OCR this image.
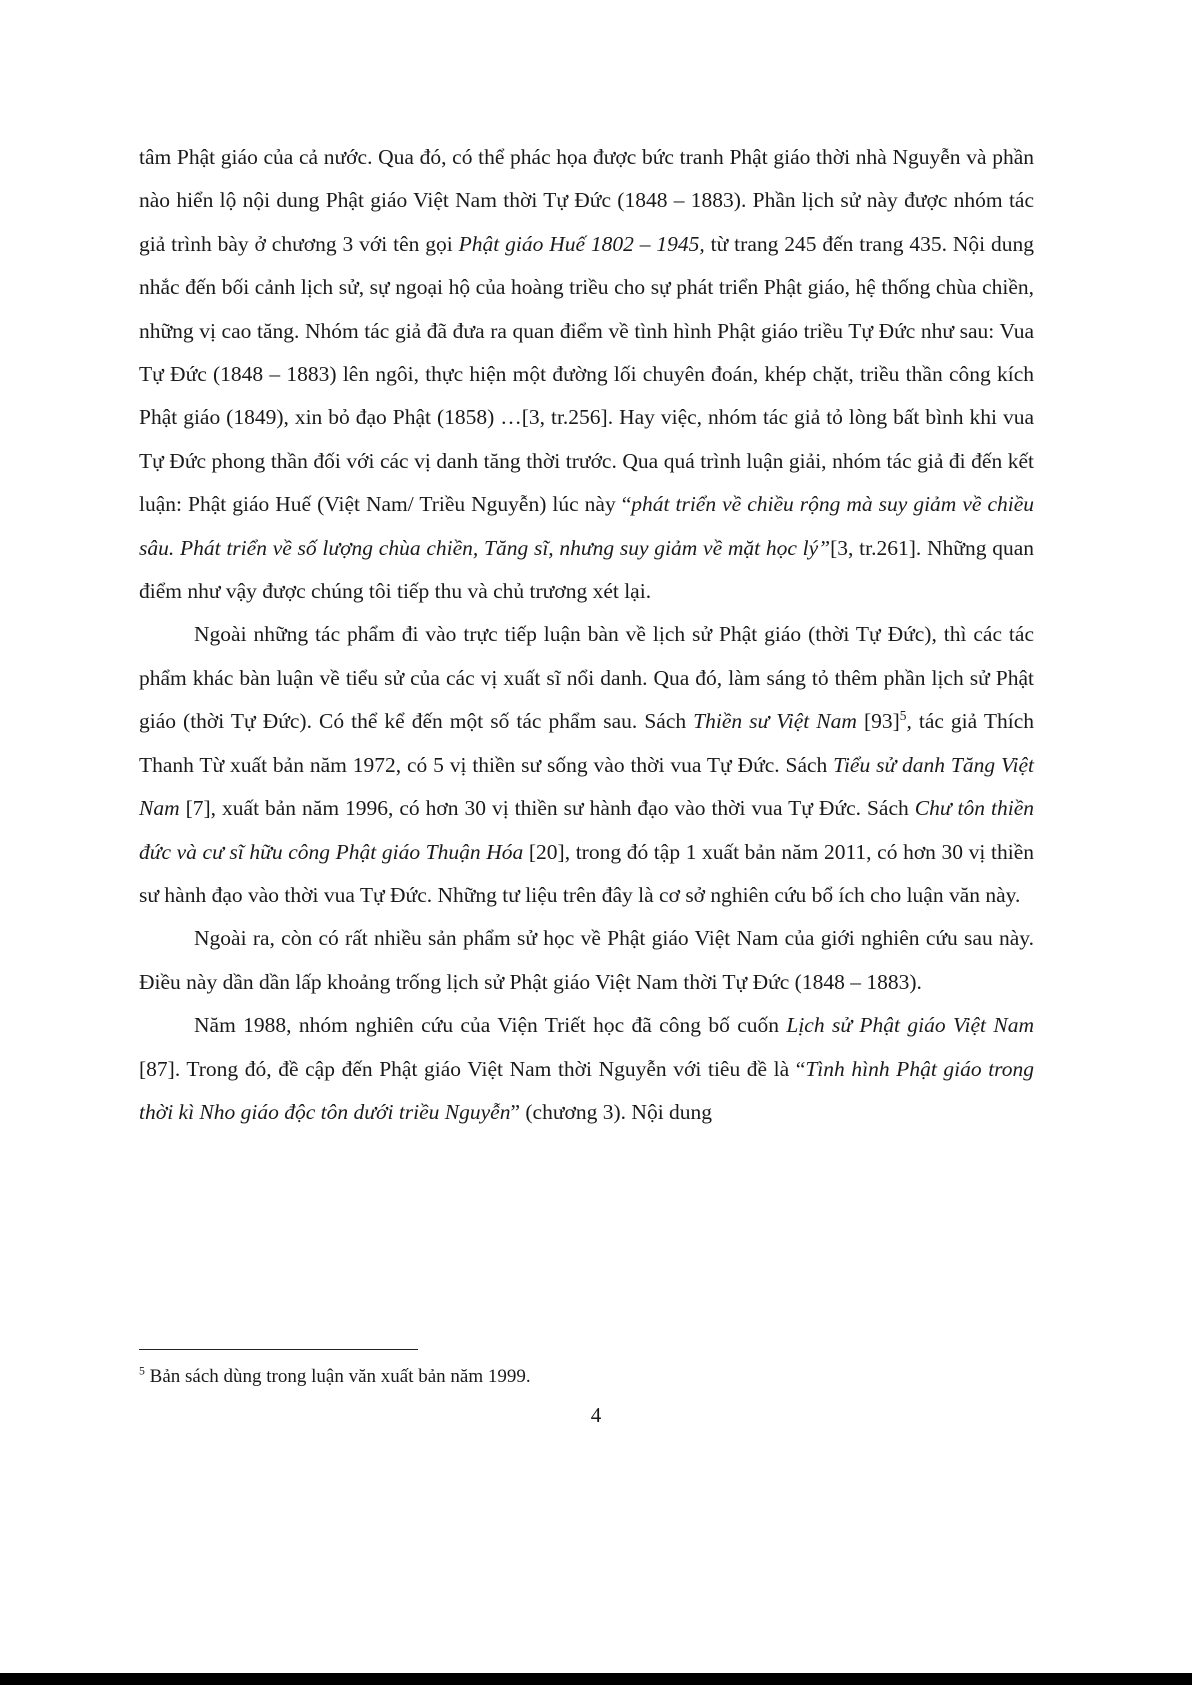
tâm Phật giáo của cả nước. Qua đó, có thể phác họa được bức tranh Phật giáo thời nhà Nguyễn và phần nào hiển lộ nội dung Phật giáo Việt Nam thời Tự Đức (1848 – 1883). Phần lịch sử này được nhóm tác giả trình bày ở chương 3 với tên gọi Phật giáo Huế 1802 – 1945, từ trang 245 đến trang 435. Nội dung nhắc đến bối cảnh lịch sử, sự ngoại hộ của hoàng triều cho sự phát triển Phật giáo, hệ thống chùa chiền, những vị cao tăng. Nhóm tác giả đã đưa ra quan điểm về tình hình Phật giáo triều Tự Đức như sau: Vua Tự Đức (1848 – 1883) lên ngôi, thực hiện một đường lối chuyên đoán, khép chặt, triều thần công kích Phật giáo (1849), xin bỏ đạo Phật (1858) …[3, tr.256]. Hay việc, nhóm tác giả tỏ lòng bất bình khi vua Tự Đức phong thần đối với các vị danh tăng thời trước. Qua quá trình luận giải, nhóm tác giả đi đến kết luận: Phật giáo Huế (Việt Nam/ Triều Nguyễn) lúc này “phát triển về chiều rộng mà suy giảm về chiều sâu. Phát triển về số lượng chùa chiền, Tăng sĩ, nhưng suy giảm về mặt học lý”[3, tr.261]. Những quan điểm như vậy được chúng tôi tiếp thu và chủ trương xét lại.

Ngoài những tác phẩm đi vào trực tiếp luận bàn về lịch sử Phật giáo (thời Tự Đức), thì các tác phẩm khác bàn luận về tiểu sử của các vị xuất sĩ nổi danh. Qua đó, làm sáng tỏ thêm phần lịch sử Phật giáo (thời Tự Đức). Có thể kể đến một số tác phẩm sau. Sách Thiền sư Việt Nam $[93]^5$, tác giả Thích Thanh Từ xuất bản năm 1972, có 5 vị thiền sư sống vào thời vua Tự Đức. Sách Tiểu sử danh Tăng Việt Nam [7], xuất bản năm 1996, có hơn 30 vị thiền sư hành đạo vào thời vua Tự Đức. Sách Chư tôn thiền đức và cư sĩ hữu công Phật giáo Thuận Hóa [20], trong đó tập 1 xuất bản năm 2011, có hơn 30 vị thiền sư hành đạo vào thời vua Tự Đức. Những tư liệu trên đây là cơ sở nghiên cứu bổ ích cho luận văn này.

Ngoài ra, còn có rất nhiều sản phẩm sử học về Phật giáo Việt Nam của giới nghiên cứu sau này. Điều này dần dần lấp khoảng trống lịch sử Phật giáo Việt Nam thời Tự Đức (1848 – 1883).

Năm 1988, nhóm nghiên cứu của Viện Triết học đã công bố cuốn Lịch sử Phật giáo Việt Nam [87]. Trong đó, đề cập đến Phật giáo Việt Nam thời Nguyễn với tiêu đề là “Tình hình Phật giáo trong thời kì Nho giáo độc tôn dưới triều Nguyễn” (chương 3). Nội dung

$^5$ Bản sách dùng trong luận văn xuất bản năm 1999.
4
